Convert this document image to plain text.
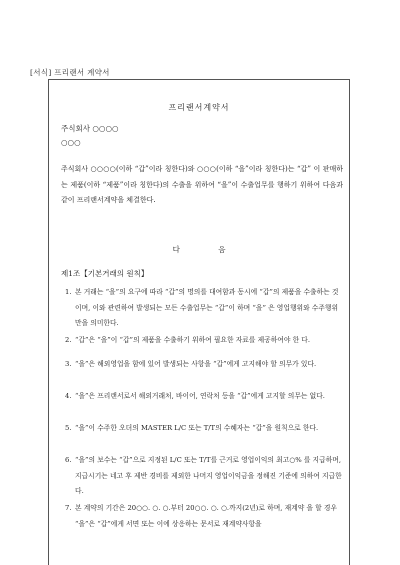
[서식] 프리랜서 계약서
프리랜서계약서
주식회사 ○○○○
○○○
주식회사 ○○○○(이하 “갑”이라 칭한다)와 ○○○(이하 “을”이라 칭한다)는 “갑” 이 판매하는 제품(이하 “제품”이라 칭한다)의 수출을 위하여 “을”이 수출업무를 행하기 위하여 다음과 같이 프리랜서계약을 체결한다.
다 음
제1조【기본거래의 원칙】
1. 본 거래는 “을”의 요구에 따라 “갑”의 명의를 대여함과 동시에 “갑”의 제품을 수출하는 것이며, 이와 관련하여 발생되는 모든 수출업무는 “갑”이 하며 “을” 은 영업행위와 수주행위만을 의미한다.
2. “갑”은 “을”이 “갑”의 제품을 수출하기 위하여 필요한 자료를 제공하여야 한 다.
3. “을”은 해외영업을 함에 있어 발생되는 사항을 “갑”에게 고지해야 할 의무가 있다.
4. “을”은 프리랜서로서 해외거래처, 바이어, 연락처 등을 “갑”에게 고지할 의무는 없다.
5. “을”이 수주한 오더의 MASTER L/C 또는 T/T의 수혜자는 “갑”을 원칙으로 한다.
6. “을”의 보수는 “갑”으로 지정된 L/C 또는 T/T를 근거로 영업이익의 최고○% 를 지급하며, 지급시기는 네고 후 제반 경비를 제외한 나머지 영업이익금을 정해진 기준에 의하여 지급한다.
7. 본 계약의 기간은 20○○. ○. ○.부터 20○○. ○. ○.까지(2년)로 하며, 재계약 을 할 경우 “을”은 “갑”에게 서면 또는 이에 상응하는 문서로 재계약사항을
